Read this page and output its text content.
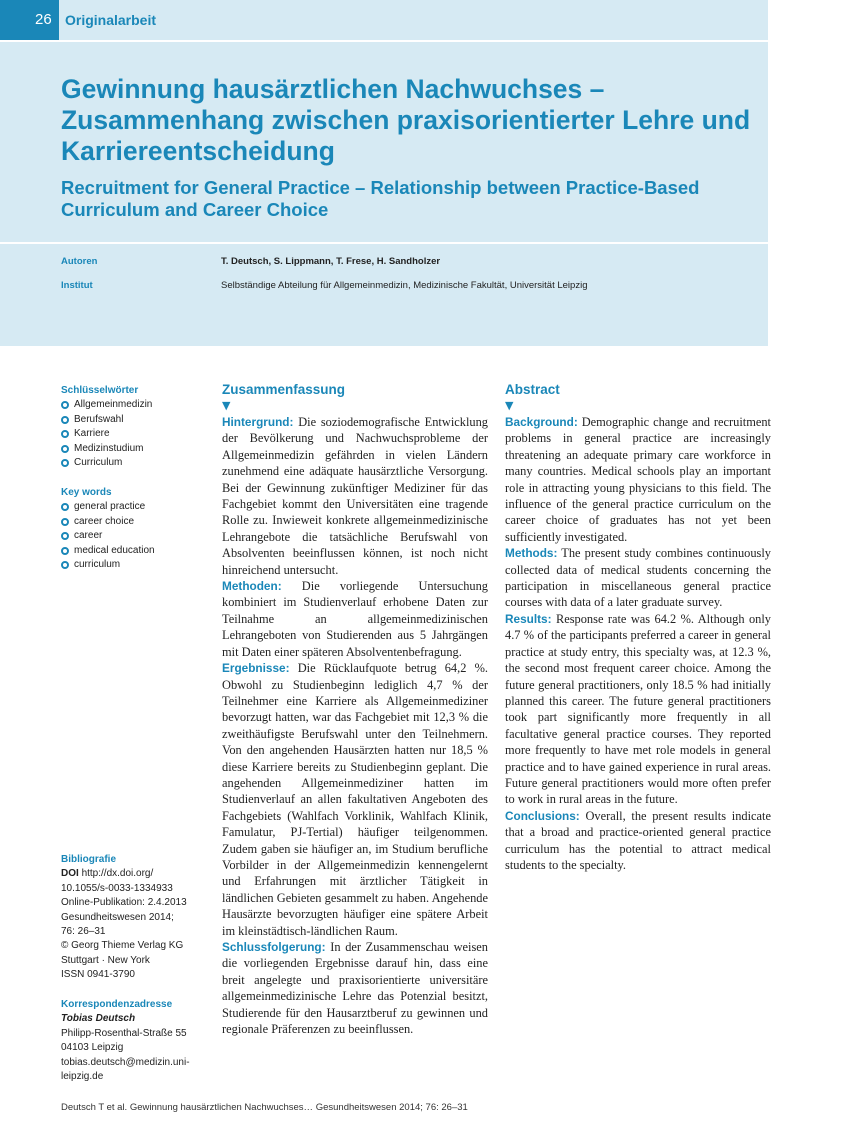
26 Originalarbeit
Gewinnung hausärztlichen Nachwuchses – Zusammenhang zwischen praxisorientierter Lehre und Karriereentscheidung
Recruitment for General Practice – Relationship between Practice-Based Curriculum and Career Choice
Autoren	T. Deutsch, S. Lippmann, T. Frese, H. Sandholzer
Institut	Selbständige Abteilung für Allgemeinmedizin, Medizinische Fakultät, Universität Leipzig
Schlüsselwörter
Allgemeinmedizin
Berufswahl
Karriere
Medizinstudium
Curriculum
Key words
general practice
career choice
career
medical education
curriculum
Bibliografie
DOI http://dx.doi.org/
10.1055/s-0033-1334933
Online-Publikation: 2.4.2013
Gesundheitswesen 2014;
76: 26–31
© Georg Thieme Verlag KG
Stuttgart · New York
ISSN 0941-3790
Korrespondenzadresse
Tobias Deutsch
Philipp-Rosenthal-Straße 55
04103 Leipzig
tobias.deutsch@medizin.uni-
leipzig.de
Zusammenfassung
▼
Hintergrund: Die soziodemografische Entwicklung der Bevölkerung und Nachwuchsprobleme der Allgemeinmedizin gefährden in vielen Ländern zunehmend eine adäquate hausärztliche Versorgung. Bei der Gewinnung zukünftiger Mediziner für das Fachgebiet kommt den Universitäten eine tragende Rolle zu. Inwieweit konkrete allgemeinmedizinische Lehrangebote die tatsächliche Berufswahl von Absolventen beeinflussen können, ist noch nicht hinreichend untersucht.
Methoden: Die vorliegende Untersuchung kombiniert im Studienverlauf erhobene Daten zur Teilnahme an allgemeinmedizinischen Lehrangeboten von Studierenden aus 5 Jahrgängen mit Daten einer späteren Absolventenbefragung.
Ergebnisse: Die Rücklaufquote betrug 64,2 %. Obwohl zu Studienbeginn lediglich 4,7 % der Teilnehmer eine Karriere als Allgemeinmediziner bevorzugt hatten, war das Fachgebiet mit 12,3 % die zweithäufigste Berufswahl unter den Teilnehmern. Von den angehenden Hausärzten hatten nur 18,5 % diese Karriere bereits zu Studienbeginn geplant. Die angehenden Allgemeinmediziner hatten im Studienverlauf an allen fakultativen Angeboten des Fachgebiets (Wahlfach Vorklinik, Wahlfach Klinik, Famulatur, PJ-Tertial) häufiger teilgenommen. Zudem gaben sie häufiger an, im Studium berufliche Vorbilder in der Allgemeinmedizin kennengelernt und Erfahrungen mit ärztlicher Tätigkeit in ländlichen Gebieten gesammelt zu haben. Angehende Hausärzte bevorzugten häufiger eine spätere Arbeit im kleinstädtisch-ländlichen Raum.
Schlussfolgerung: In der Zusammenschau weisen die vorliegenden Ergebnisse darauf hin, dass eine breit angelegte und praxisorientierte universitäre allgemeinmedizinische Lehre das Potenzial besitzt, Studierende für den Hausarztberuf zu gewinnen und regionale Präferenzen zu beeinflussen.
Abstract
▼
Background: Demographic change and recruitment problems in general practice are increasingly threatening an adequate primary care workforce in many countries. Medical schools play an important role in attracting young physicians to this field. The influence of the general practice curriculum on the career choice of graduates has not yet been sufficiently investigated.
Methods: The present study combines continuously collected data of medical students concerning the participation in miscellaneous general practice courses with data of a later graduate survey.
Results: Response rate was 64.2 %. Although only 4.7 % of the participants preferred a career in general practice at study entry, this specialty was, at 12.3 %, the second most frequent career choice. Among the future general practitioners, only 18.5 % had initially planned this career. The future general practitioners took part significantly more frequently in all facultative general practice courses. They reported more frequently to have met role models in general practice and to have gained experience in rural areas. Future general practitioners would more often prefer to work in rural areas in the future.
Conclusions: Overall, the present results indicate that a broad and practice-oriented general practice curriculum has the potential to attract medical students to the specialty.
Deutsch T et al. Gewinnung hausärztlichen Nachwuchses… Gesundheitswesen 2014; 76: 26–31
